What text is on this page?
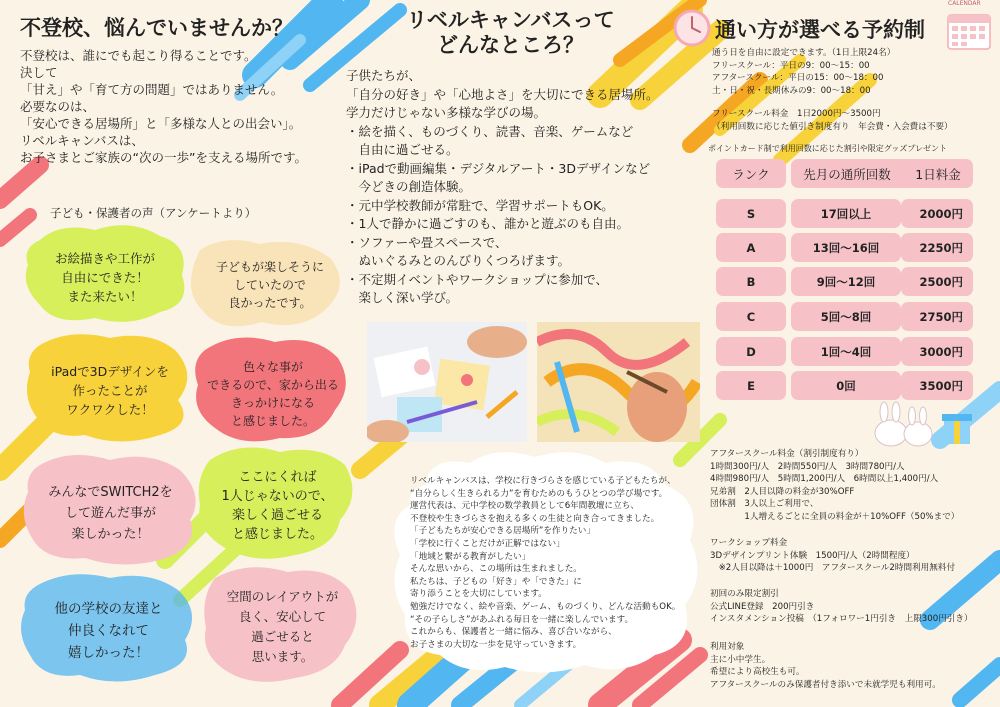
不登校、悩んでいませんか？
不登校は、誰にでも起こり得ることです。
決して
「甘え」や「育て方の問題」ではありません。
必要なのは、
「安心できる居場所」と「多様な人との出会い」。
リベルキャンバスは、
お子さまとご家族の“次の一歩”を支える場所です。
子ども・保護者の声（アンケートより）
お絵描きや工作が
自由にできた！
また来たい！
子どもが楽しそうに
していたので
良かったです。
iPadで3Dデザインを
作ったことが
ワクワクした！
色々な事が
できるので、家から出る
きっかけになる
と感じました。
みんなでSWITCH2を
して遊んだ事が
楽しかった！
ここにくれば
1人じゃないので、
楽しく過ごせる
と感じました。
他の学校の友達と
仲良くなれて
嬉しかった！
空間のレイアウトが
良く、安心して
過ごせると
思います。
リベルキャンバスって
どんなところ？
子供たちが、
「自分の好き」や「心地よさ」を大切にできる居場所。
学力だけじゃない多様な学びの場。
・絵を描く、ものづくり、読書、音楽、ゲームなど
　自由に過ごせる。
・iPadで動画編集・デジタルアート・3Dデザインなど
　今どきの創造体験。
・元中学校教師が常駐で、学習サポートもOK。
・1人で静かに過ごすのも、誰かと遊ぶのも自由。
・ソファーや畳スペースで、
　ぬいぐるみとのんびりくつろげます。
・不定期イベントやワークショップに参加で、
　楽しく深い学び。
リベルキャンバスは、学校に行きづらさを感じている子どもたちが、
“自分らしく生きられる力”を育むためのもうひとつの学び場です。
運営代表は、元中学校の数学教員として6年間教壇に立ち、
不登校や生きづらさを抱える多くの生徒と向き合ってきました。
「子どもたちが安心できる居場所”を作りたい」
「学校に行くことだけが正解ではない」
「地域と繋がる教育がしたい」
そんな思いから、この場所は生まれました。
私たちは、子どもの「好き」や「できた」に
寄り添うことを大切にしています。
勉強だけでなく、絵や音楽、ゲーム、ものづくり、どんな活動もOK。
“その子らしさ”があふれる毎日を一緒に楽しんでいます。
これからも、保護者と一緒に悩み、喜び合いながら、
お子さまの大切な一歩を見守っていきます。
通い方が選べる予約制
CALENDAR
通う日を自由に設定できます。（1日上限24名）
フリースクール：平日の9：00〜15：00
アフタースクール：平日の15：00〜18：00
土・日・祝・長期休みの9：00〜18：00
フリースクール料金　1日2000円〜3500円
（利用回数に応じた値引き制度有り　年会費・入会費は不要）
ポイントカード制で利用回数に応じた割引や限定グッズプレゼント
ランク	先月の通所回数 1日料金
S	17回以上	2000円
A	13回〜16回	2250円
B	9回〜12回	2500円
C	5回〜8回	2750円
D	1回〜4回	3000円
E	0回	3500円
アフタースクール料金（割引制度有り）
1時間300円/人　2時間550円/人　3時間780円/人
4時間980円/人　5時間1,200円/人　6時間以上1,400円/人
兄弟割　2人目以降の料金が30%OFF
団体割　3人以上ご利用で、
　　　　1人増えるごとに全員の料金が＋10%OFF（50%まで）
ワークショップ料金
3Dデザインプリント体験　1500円/人（2時間程度）
　※2人目以降は＋1000円　アフタースクール2時間利用無料付
初回のみ限定割引
公式LINE登録　200円引き
インスタメンション投稿　（1フォロワー1円引き　上限300円引き）
利用対象
主に小中学生。
希望により高校生も可。
アフタースクールのみ保護者付き添いで未就学児も利用可。
